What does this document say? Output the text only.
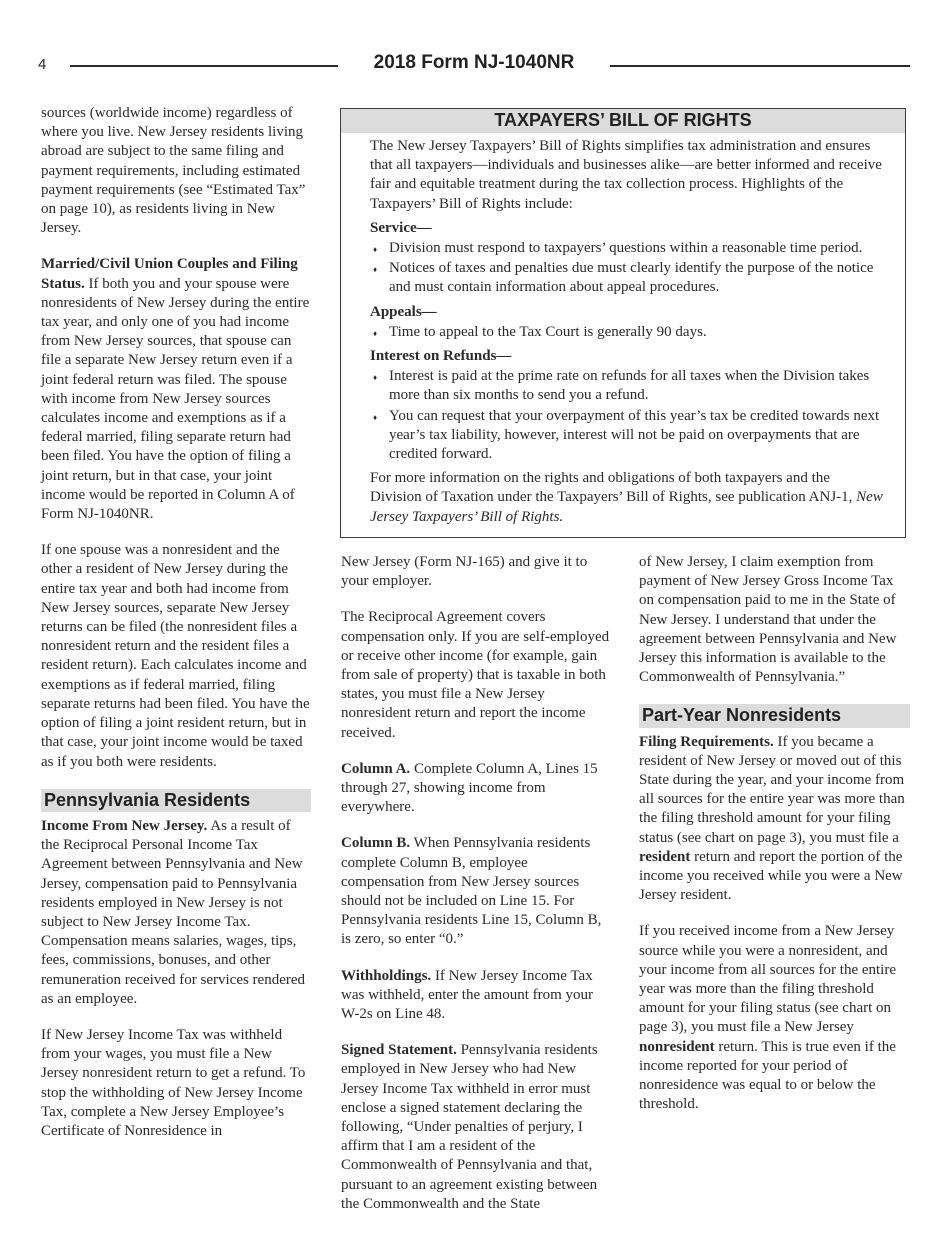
4	2018 Form NJ-1040NR

sources (worldwide income) regardless of where you live. New Jersey residents living abroad are subject to the same filing and payment requirements, including estimated payment requirements (see “Estimated Tax” on page 10), as residents living in New Jersey.

Married/Civil Union Couples and Filing Status. If both you and your spouse were nonresidents of New Jersey during the entire tax year, and only one of you had income from New Jersey sources, that spouse can file a separate New Jersey return even if a joint federal return was filed. The spouse with income from New Jersey sources calculates income and exemptions as if a federal married, filing separate return had been filed. You have the option of filing a joint return, but in that case, your joint income would be reported in Column A of Form NJ-1040NR.

If one spouse was a nonresident and the other a resident of New Jersey during the entire tax year and both had income from New Jersey sources, separate New Jersey returns can be filed (the nonresident files a nonresident return and the resident files a resident return). Each calculates income and exemptions as if federal married, filing separate returns had been filed. You have the option of filing a joint resident return, but in that case, your joint income would be taxed as if you both were residents.

Pennsylvania Residents

Income From New Jersey. As a result of the Reciprocal Personal Income Tax Agreement between Pennsylvania and New Jersey, compensation paid to Pennsylvania residents employed in New Jersey is not subject to New Jersey Income Tax. Compensation means salaries, wages, tips, fees, commissions, bonuses, and other remuneration received for services rendered as an employee.

If New Jersey Income Tax was withheld from your wages, you must file a New Jersey nonresident return to get a refund. To stop the withholding of New Jersey Income Tax, complete a New Jersey Employee’s Certificate of Nonresidence in

TAXPAYERS’ BILL OF RIGHTS

The New Jersey Taxpayers’ Bill of Rights simplifies tax administration and ensures that all taxpayers—individuals and businesses alike—are better informed and receive fair and equitable treatment during the tax collection process. Highlights of the Taxpayers’ Bill of Rights include:

Service—

♦ Division must respond to taxpayers’ questions within a reasonable time period.
♦ Notices of taxes and penalties due must clearly identify the purpose of the notice and must contain information about appeal procedures.

Appeals—

♦ Time to appeal to the Tax Court is generally 90 days.

Interest on Refunds—

♦ Interest is paid at the prime rate on refunds for all taxes when the Division takes more than six months to send you a refund.
♦ You can request that your overpayment of this year’s tax be credited towards next year’s tax liability, however, interest will not be paid on overpayments that are credited forward.

For more information on the rights and obligations of both taxpayers and the Division of Taxation under the Taxpayers’ Bill of Rights, see publication ANJ-1, New Jersey Taxpayers’ Bill of Rights.

New Jersey (Form NJ-165) and give it to your employer.

The Reciprocal Agreement covers compensation only. If you are self-employed or receive other income (for example, gain from sale of property) that is taxable in both states, you must file a New Jersey nonresident return and report the income received.

Column A. Complete Column A, Lines 15 through 27, showing income from everywhere.

Column B. When Pennsylvania residents complete Column B, employee compensation from New Jersey sources should not be included on Line 15. For Pennsylvania residents Line 15, Column B, is zero, so enter “0.”

Withholdings. If New Jersey Income Tax was withheld, enter the amount from your W-2s on Line 48.

Signed Statement. Pennsylvania residents employed in New Jersey who had New Jersey Income Tax withheld in error must enclose a signed statement declaring the following, “Under penalties of perjury, I affirm that I am a resident of the Commonwealth of Pennsylvania and that, pursuant to an agreement existing between the Commonwealth and the State

of New Jersey, I claim exemption from payment of New Jersey Gross Income Tax on compensation paid to me in the State of New Jersey. I understand that under the agreement between Pennsylvania and New Jersey this information is available to the Commonwealth of Pennsylvania.”

Part-Year Nonresidents

Filing Requirements. If you became a resident of New Jersey or moved out of this State during the year, and your income from all sources for the entire year was more than the filing threshold amount for your filing status (see chart on page 3), you must file a resident return and report the portion of the income you received while you were a New Jersey resident.

If you received income from a New Jersey source while you were a nonresident, and your income from all sources for the entire year was more than the filing threshold amount for your filing status (see chart on page 3), you must file a New Jersey nonresident return. This is true even if the income reported for your period of nonresidence was equal to or below the threshold.
